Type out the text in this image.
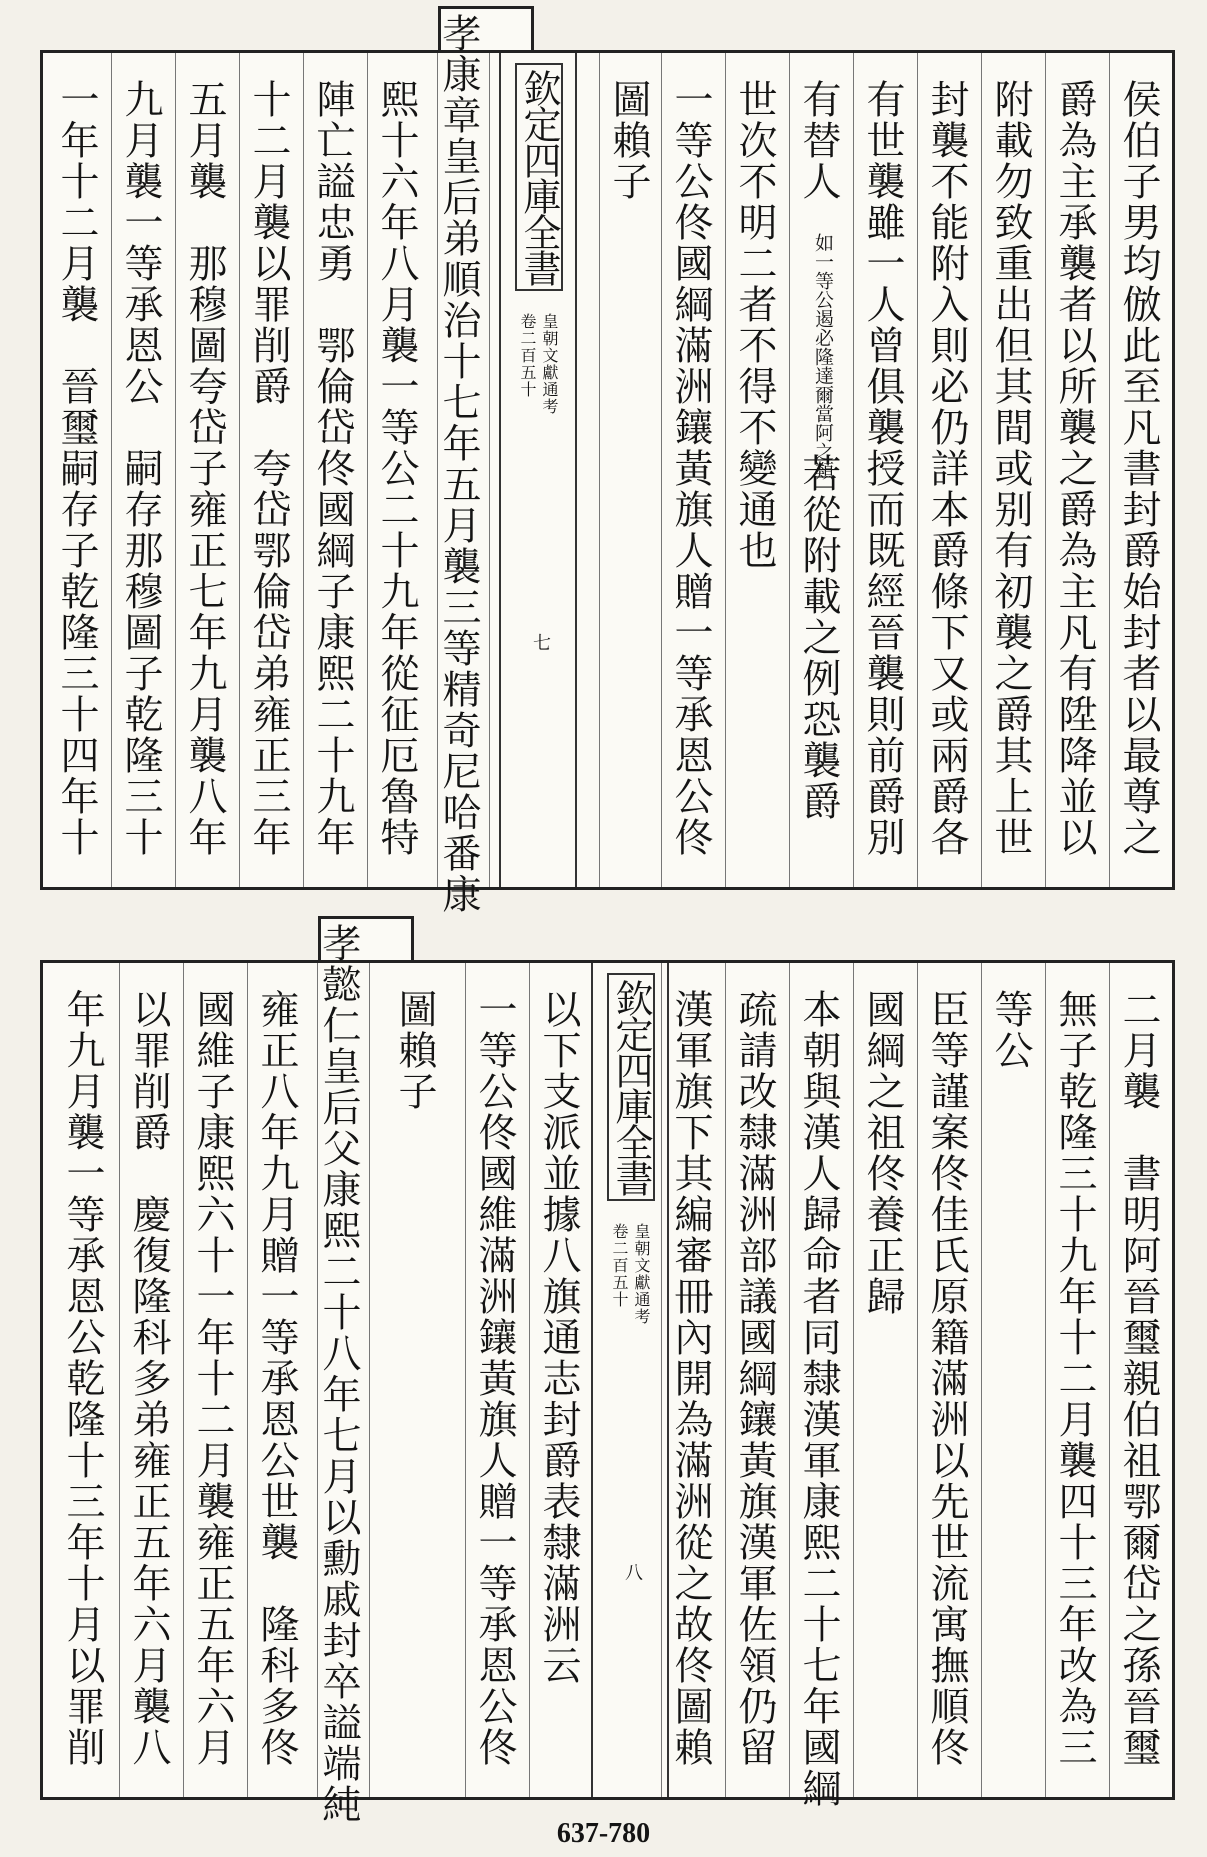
孝康章皇后弟順治十七年五月襲三等精奇尼哈番康 欽定四庫全書
皇朝文獻通考
卷二百五十
七	侯伯子男均倣此至凡書封爵始封者以最尊之
爵為主承襲者以所襲之爵為主凡有陞降並以
附載勿致重出但其間或别有初襲之爵其上世
封襲不能附入則必仍詳本爵條下又或兩爵各
有世襲雖一人曾俱襲授而既經晉襲則前爵別
有替人
如一等公遏必隆達爾當阿之類
若從附載之例恐襲爵
世次不明二者不得不變通也
一等公佟國綱滿洲鑲黃旗人贈一等承恩公佟
圖賴子
熙十六年八月襲一等公二十九年從征厄魯特
陣亡謚忠勇　鄂倫岱佟國綱子康熙二十九年
十二月襲以罪削爵　夸岱鄂倫岱弟雍正三年
五月襲　那穆圖夸岱子雍正七年九月襲八年
九月襲一等承恩公　嗣存那穆圖子乾隆三十
一年十二月襲　晉璽嗣存子乾隆三十四年十
孝懿仁皇后父康熙二十八年七月以勳戚封卒謚端純	欽定四庫全書
皇朝文獻通考
卷二百五十
八	二月襲　書明阿晉璽親伯祖鄂爾岱之孫晉璽
無子乾隆三十九年十二月襲四十三年改為三
等公
臣等謹案佟佳氏原籍滿洲以先世流寓撫順佟
國綱之祖佟養正歸
本朝與漢人歸命者同隸漢軍康熙二十七年國綱
疏請改隸滿洲部議國綱鑲黃旗漢軍佐領仍留
漢軍旗下其編審冊內開為滿洲從之故佟圖賴
以下支派並據八旗通志封爵表隸滿洲云
一等公佟國維滿洲鑲黃旗人贈一等承恩公佟
圖賴子
雍正八年九月贈一等承恩公世襲　隆科多佟
國維子康熙六十一年十二月襲雍正五年六月
以罪削爵　慶復隆科多弟雍正五年六月襲八
年九月襲一等承恩公乾隆十三年十月以罪削
637-780
